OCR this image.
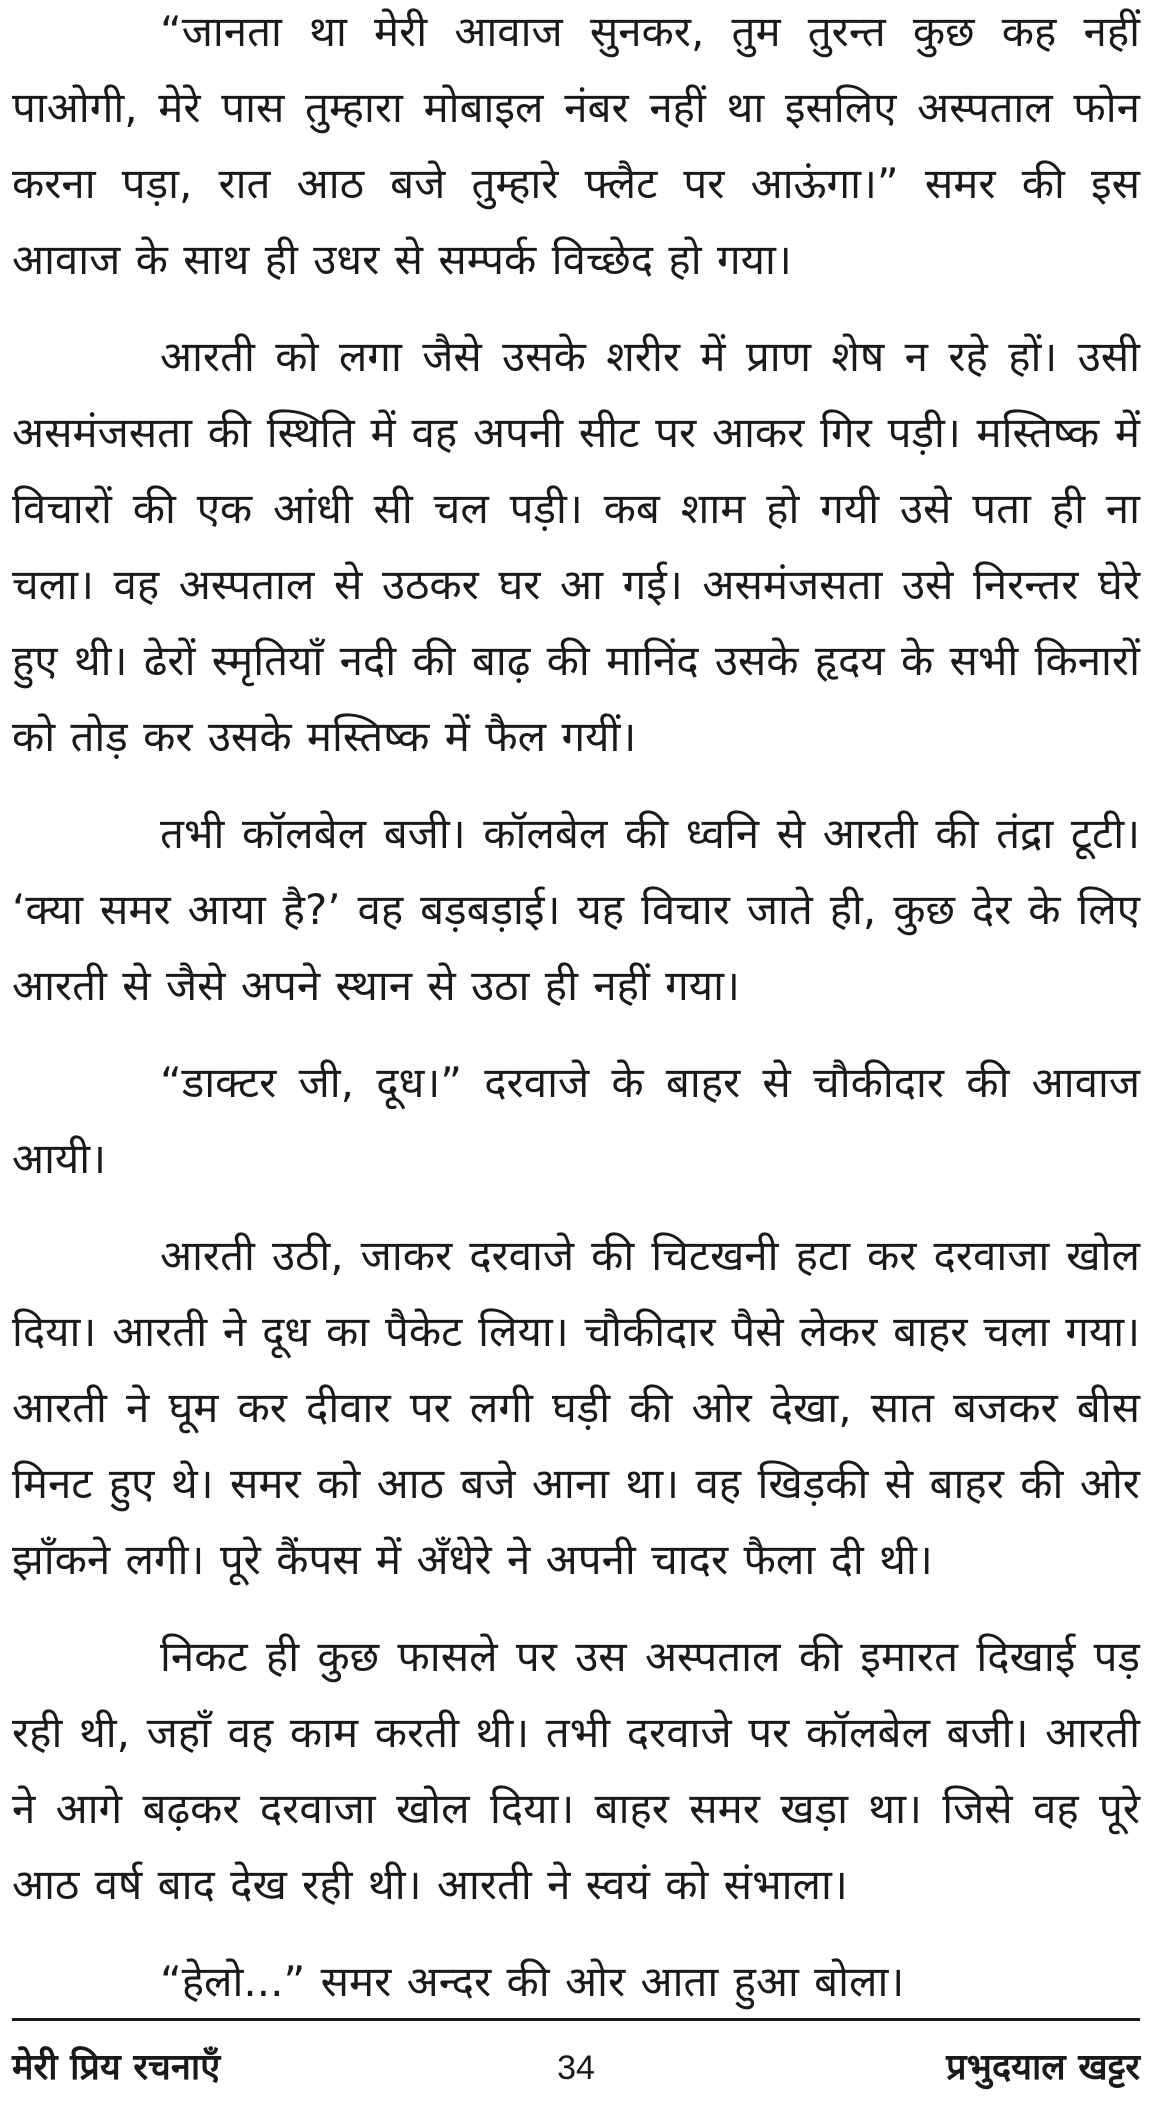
“जानता था मेरी आवाज सुनकर, तुम तुरन्त कुछ कह नहीं पाओगी, मेरे पास तुम्हारा मोबाइल नंबर नहीं था इसलिए अस्पताल फोन करना पड़ा, रात आठ बजे तुम्हारे फ्लैट पर आऊंगा।” समर की इस आवाज के साथ ही उधर से सम्पर्क विच्छेद हो गया।

आरती को लगा जैसे उसके शरीर में प्राण शेष न रहे हों। उसी असमंजसता की स्थिति में वह अपनी सीट पर आकर गिर पड़ी। मस्तिष्क में विचारों की एक आंधी सी चल पड़ी। कब शाम हो गयी उसे पता ही ना चला। वह अस्पताल से उठकर घर आ गई। असमंजसता उसे निरन्तर घेरे हुए थी। ढेरों स्मृतियाँ नदी की बाढ़ की मानिंद उसके हृदय के सभी किनारों को तोड़ कर उसके मस्तिष्क में फैल गयीं।

तभी कॉलबेल बजी। कॉलबेल की ध्वनि से आरती की तंद्रा टूटी। ‘क्या समर आया है?’ वह बड़बड़ाई। यह विचार जाते ही, कुछ देर के लिए आरती से जैसे अपने स्थान से उठा ही नहीं गया।

“डाक्टर जी, दूध।” दरवाजे के बाहर से चौकीदार की आवाज आयी।

आरती उठी, जाकर दरवाजे की चिटखनी हटा कर दरवाजा खोल दिया। आरती ने दूध का पैकेट लिया। चौकीदार पैसे लेकर बाहर चला गया। आरती ने घूम कर दीवार पर लगी घड़ी की ओर देखा, सात बजकर बीस मिनट हुए थे। समर को आठ बजे आना था। वह खिड़की से बाहर की ओर झाँकने लगी। पूरे कैंपस में अँधेरे ने अपनी चादर फैला दी थी।

निकट ही कुछ फासले पर उस अस्पताल की इमारत दिखाई पड़ रही थी, जहाँ वह काम करती थी। तभी दरवाजे पर कॉलबेल बजी। आरती ने आगे बढ़कर दरवाजा खोल दिया। बाहर समर खड़ा था। जिसे वह पूरे आठ वर्ष बाद देख रही थी। आरती ने स्वयं को संभाला।

“हेलो...” समर अन्दर की ओर आता हुआ बोला।

मेरी प्रिय रचनाएँ	34	प्रभुदयाल खट्टर
